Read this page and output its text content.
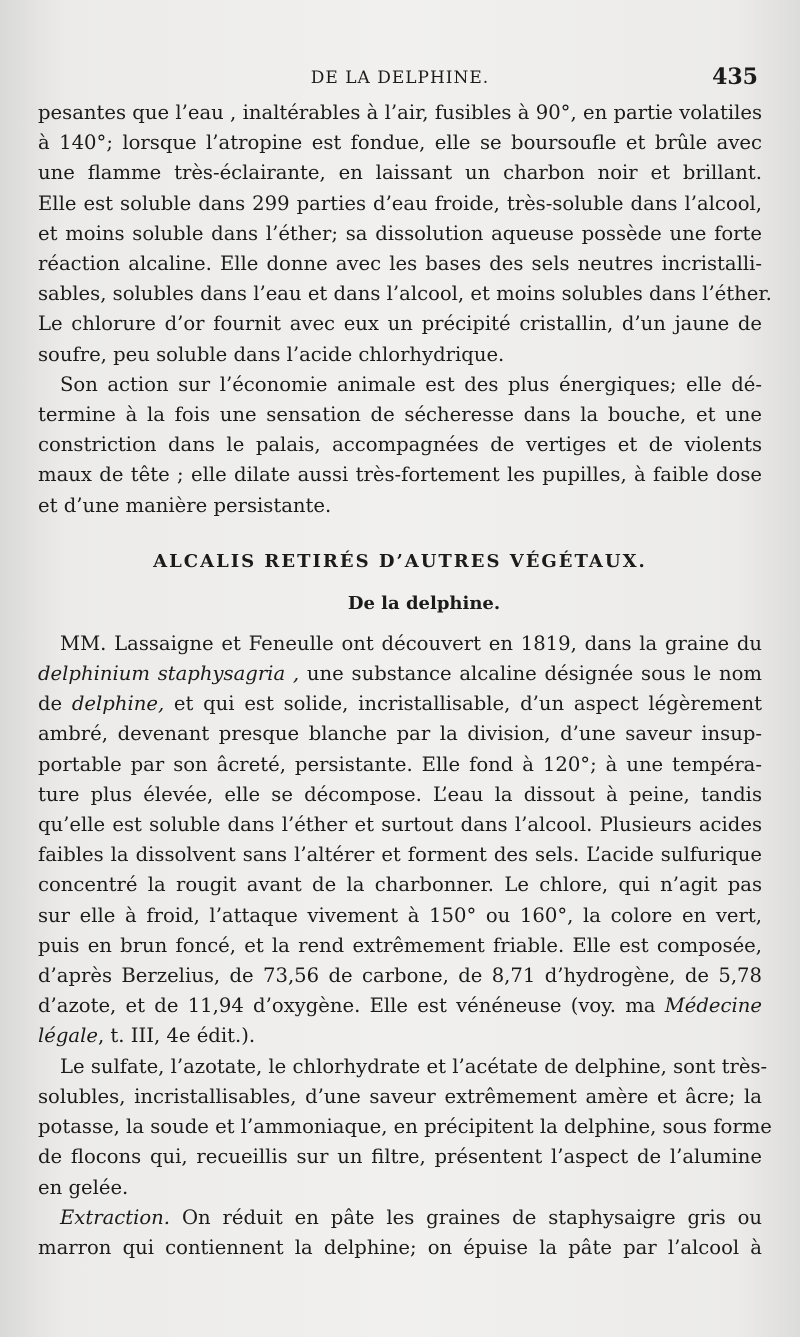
DE LA DELPHINE.	435
pesantes que l’eau , inaltérables à l’air, fusibles à 90°, en partie volatiles
à 140°; lorsque l’atropine est fondue, elle se boursoufle et brûle avec
une flamme très-éclairante, en laissant un charbon noir et brillant.
Elle est soluble dans 299 parties d’eau froide, très-soluble dans l’alcool,
et moins soluble dans l’éther; sa dissolution aqueuse possède une forte
réaction alcaline. Elle donne avec les bases des sels neutres incristalli-
sables, solubles dans l’eau et dans l’alcool, et moins solubles dans l’éther.
Le chlorure d’or fournit avec eux un précipité cristallin, d’un jaune de
soufre, peu soluble dans l’acide chlorhydrique.
Son action sur l’économie animale est des plus énergiques; elle dé-
termine à la fois une sensation de sécheresse dans la bouche, et une
constriction dans le palais, accompagnées de vertiges et de violents
maux de tête ; elle dilate aussi très-fortement les pupilles, à faible dose
et d’une manière persistante.
ALCALIS RETIRÉS D’AUTRES VÉGÉTAUX.
De la delphine.
MM. Lassaigne et Feneulle ont découvert en 1819, dans la graine du
delphinium staphysagria , une substance alcaline désignée sous le nom
de delphine, et qui est solide, incristallisable, d’un aspect légèrement
ambré, devenant presque blanche par la division, d’une saveur insup-
portable par son âcreté, persistante. Elle fond à 120°; à une tempéra-
ture plus élevée, elle se décompose. L’eau la dissout à peine, tandis
qu’elle est soluble dans l’éther et surtout dans l’alcool. Plusieurs acides
faibles la dissolvent sans l’altérer et forment des sels. L’acide sulfurique
concentré la rougit avant de la charbonner. Le chlore, qui n’agit pas
sur elle à froid, l’attaque vivement à 150° ou 160°, la colore en vert,
puis en brun foncé, et la rend extrêmement friable. Elle est composée,
d’après Berzelius, de 73,56 de carbone, de 8,71 d’hydrogène, de 5,78
d’azote, et de 11,94 d’oxygène. Elle est vénéneuse (voy. ma Médecine
légale, t. III, 4e édit.).
Le sulfate, l’azotate, le chlorhydrate et l’acétate de delphine, sont très-
solubles, incristallisables, d’une saveur extrêmement amère et âcre; la
potasse, la soude et l’ammoniaque, en précipitent la delphine, sous forme
de flocons qui, recueillis sur un filtre, présentent l’aspect de l’alumine
en gelée.
Extraction. On réduit en pâte les graines de staphysaigre gris ou
marron qui contiennent la delphine; on épuise la pâte par l’alcool à
